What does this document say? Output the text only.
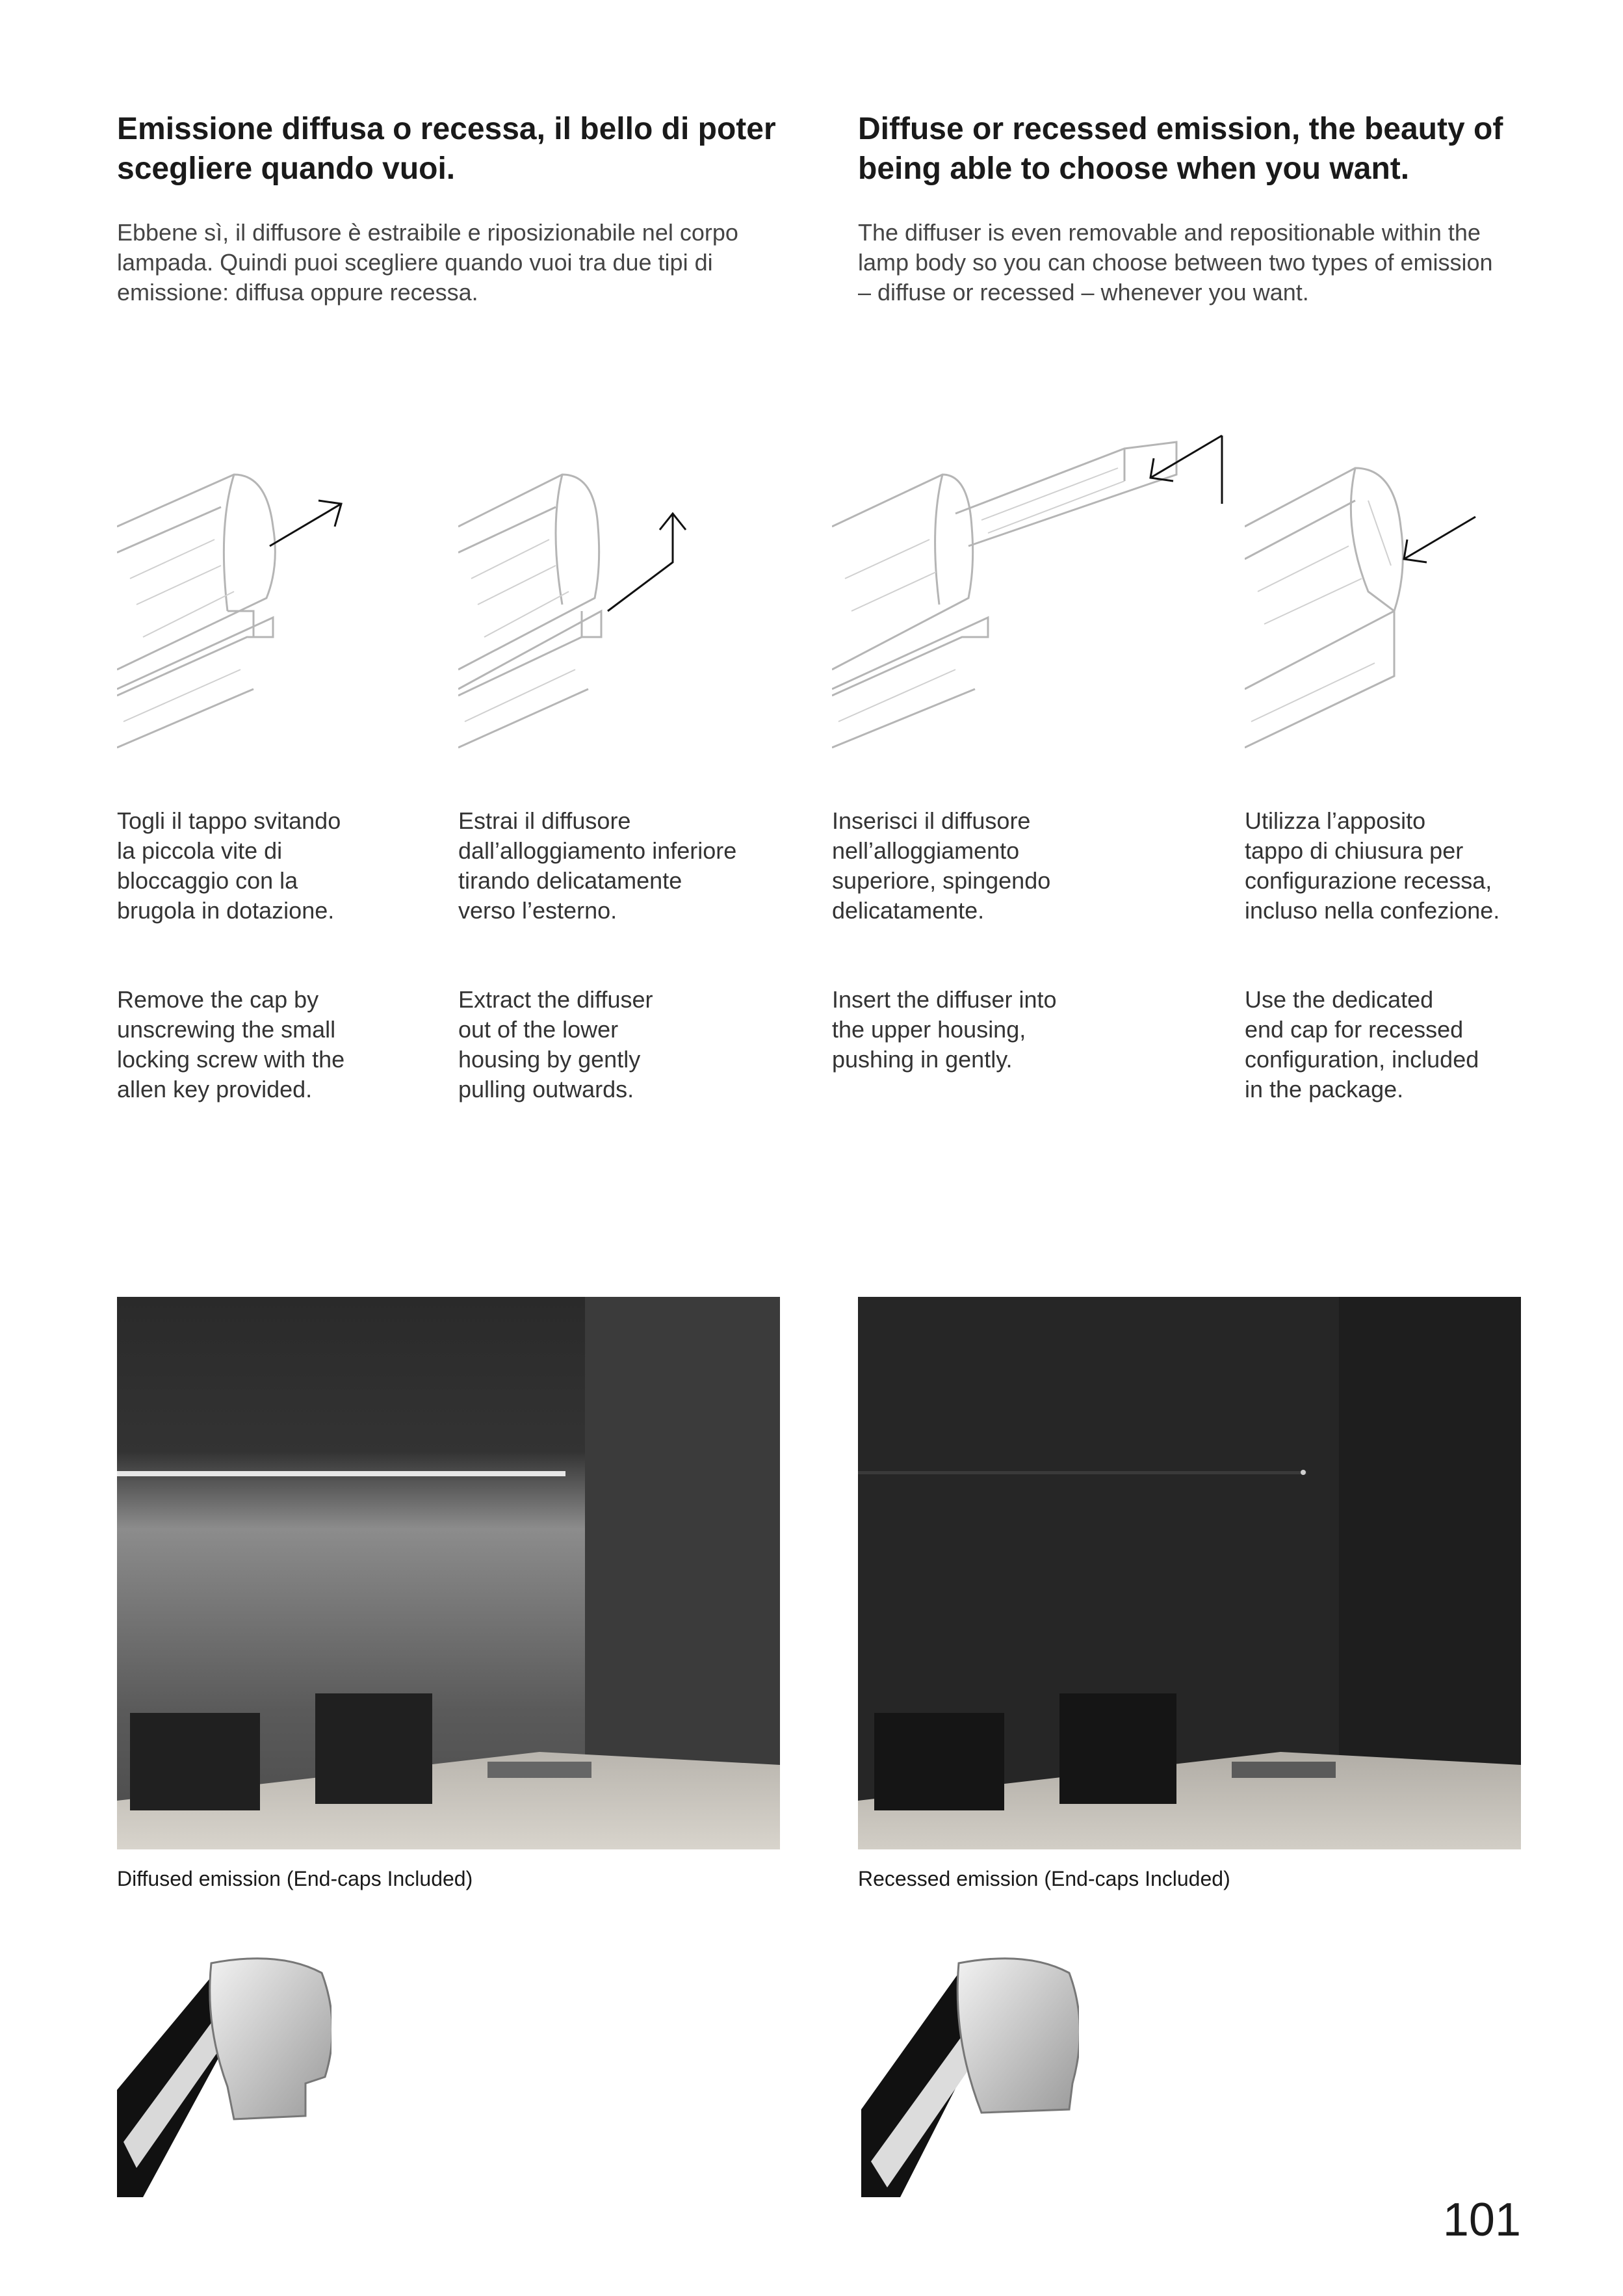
Emissione diffusa o recessa, il bello di poter scegliere quando vuoi.

Ebbene sì, il diffusore è estraibile e riposizionabile nel corpo lampada. Quindi puoi scegliere quando vuoi tra due tipi di emissione: diffusa oppure recessa.

Diffuse or recessed emission, the beauty of being able to choose when you want.

The diffuser is even removable and repositionable within the lamp body so you can choose between two types of emission – diffuse or recessed – whenever you want.

Togli il tappo svitando
la piccola vite di
bloccaggio con la
brugola in dotazione.

Estrai il diffusore
dall’alloggiamento inferiore
tirando delicatamente
verso l’esterno.

Inserisci il diffusore
nell’alloggiamento
superiore, spingendo
delicatamente.

Utilizza l’apposito
tappo di chiusura per
configurazione recessa,
incluso nella confezione.

Remove the cap by
unscrewing the small
locking screw with the
allen key provided.

Extract the diffuser
out of the lower
housing by gently
pulling outwards.

Insert the diffuser into
the upper housing,
pushing in gently.

Use the dedicated
end cap for recessed
configuration, included
in the package.

Diffused emission (End-caps Included)	Recessed emission (End-caps Included)
101
